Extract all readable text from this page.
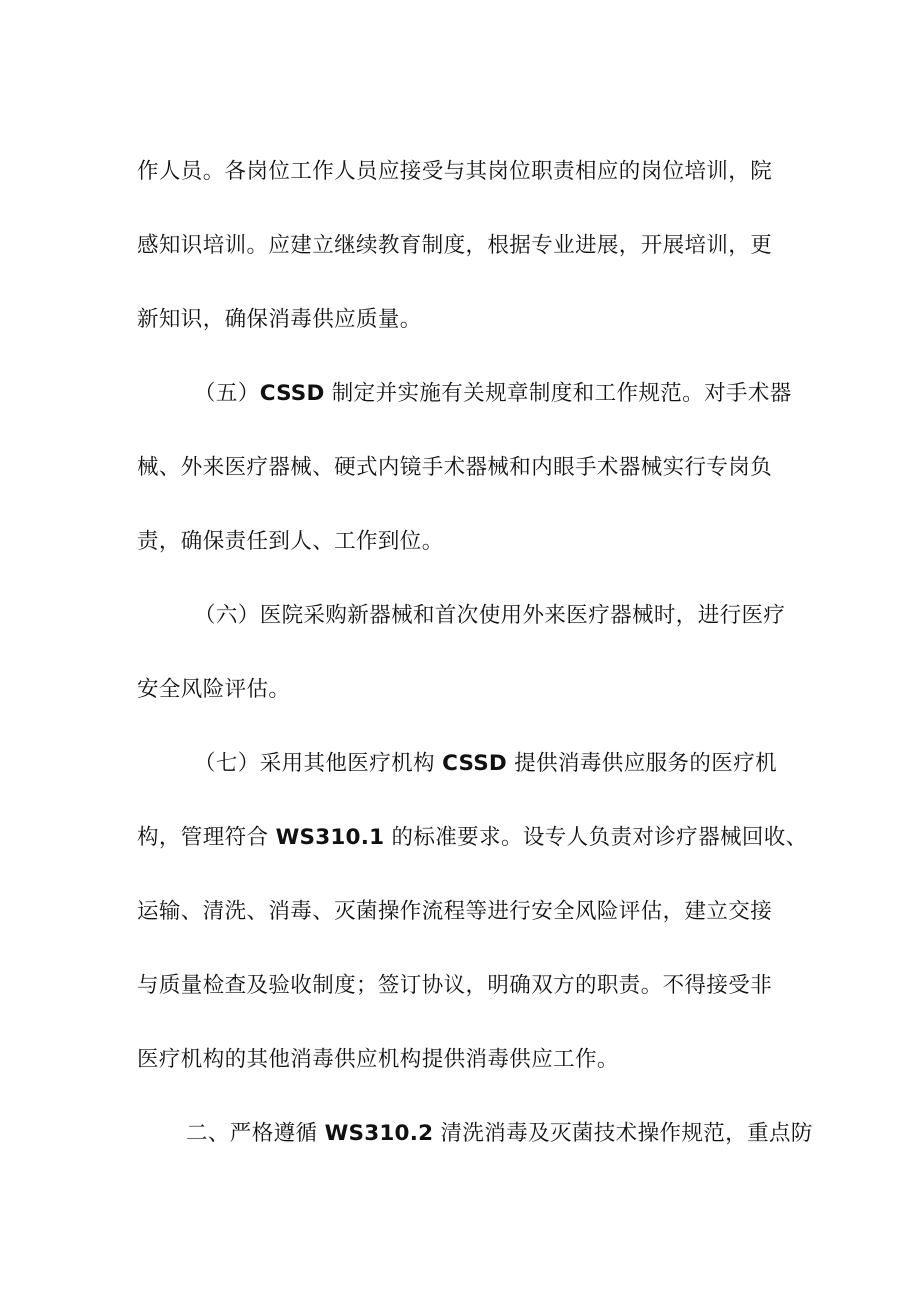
作人员。各岗位工作人员应接受与其岗位职责相应的岗位培训，院
感知识培训。应建立继续教育制度，根据专业进展，开展培训，更
新知识，确保消毒供应质量。
（五）CSSD 制定并实施有关规章制度和工作规范。对手术器
械、外来医疗器械、硬式内镜手术器械和内眼手术器械实行专岗负
责，确保责任到人、工作到位。
（六）医院采购新器械和首次使用外来医疗器械时，进行医疗
安全风险评估。
（七）采用其他医疗机构 CSSD 提供消毒供应服务的医疗机
构，管理符合 WS310.1 的标准要求。设专人负责对诊疗器械回收、
运输、清洗、消毒、灭菌操作流程等进行安全风险评估，建立交接
与质量检查及验收制度；签订协议，明确双方的职责。不得接受非
医疗机构的其他消毒供应机构提供消毒供应工作。
二、严格遵循 WS310.2 清洗消毒及灭菌技术操作规范，重点防
